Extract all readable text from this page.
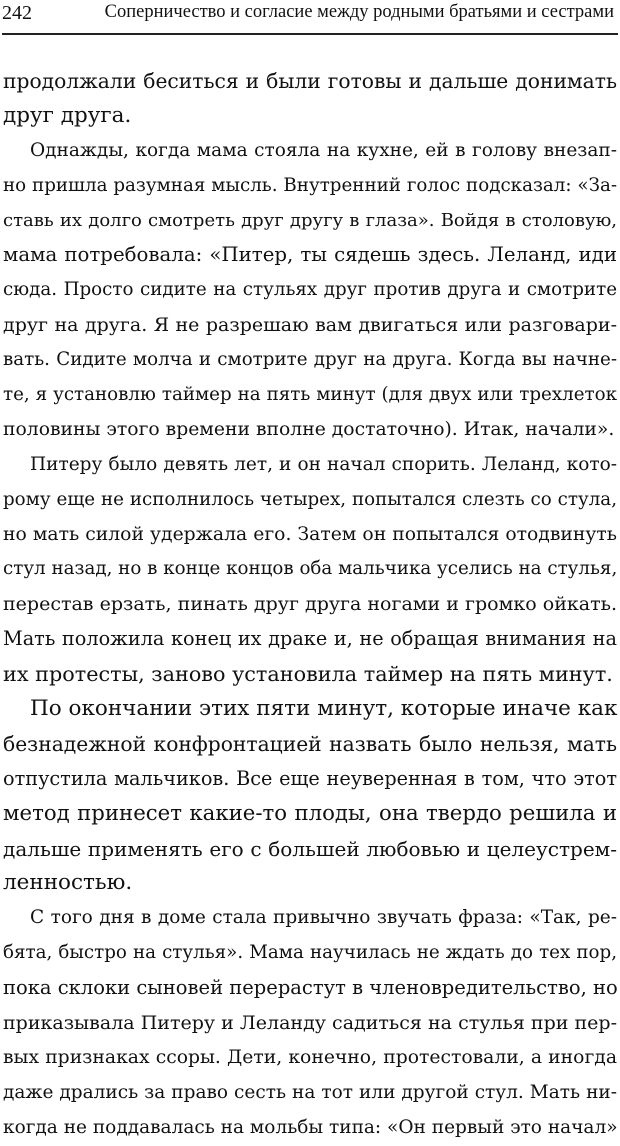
242	Соперничество и согласие между родными братьями и сестрами
продолжали беситься и были готовы и дальше донимать
друг друга.
Однажды, когда мама стояла на кухне, ей в голову внезап-
но пришла разумная мысль. Внутренний голос подсказал: «За-
ставь их долго смотреть друг другу в глаза». Войдя в столовую,
мама потребовала: «Питер, ты сядешь здесь. Леланд, иди
сюда. Просто сидите на стульях друг против друга и смотрите
друг на друга. Я не разрешаю вам двигаться или разговари-
вать. Сидите молча и смотрите друг на друга. Когда вы начне-
те, я установлю таймер на пять минут (для двух или трехлеток
половины этого времени вполне достаточно). Итак, начали».
Питеру было девять лет, и он начал спорить. Леланд, кото-
рому еще не исполнилось четырех, попытался слезть со стула,
но мать силой удержала его. Затем он попытался отодвинуть
стул назад, но в конце концов оба мальчика уселись на стулья,
перестав ерзать, пинать друг друга ногами и громко ойкать.
Мать положила конец их драке и, не обращая внимания на
их протесты, заново установила таймер на пять минут.
По окончании этих пяти минут, которые иначе как
безнадежной конфронтацией назвать было нельзя, мать
отпустила мальчиков. Все еще неуверенная в том, что этот
метод принесет какие-то плоды, она твердо решила и
дальше применять его с большей любовью и целеустрем-
ленностью.
С того дня в доме стала привычно звучать фраза: «Так, ре-
бята, быстро на стулья». Мама научилась не ждать до тех пор,
пока склоки сыновей перерастут в членовредительство, но
приказывала Питеру и Леланду садиться на стулья при пер-
вых признаках ссоры. Дети, конечно, протестовали, а иногда
даже дрались за право сесть на тот или другой стул. Мать ни-
когда не поддавалась на мольбы типа: «Он первый это начал»
